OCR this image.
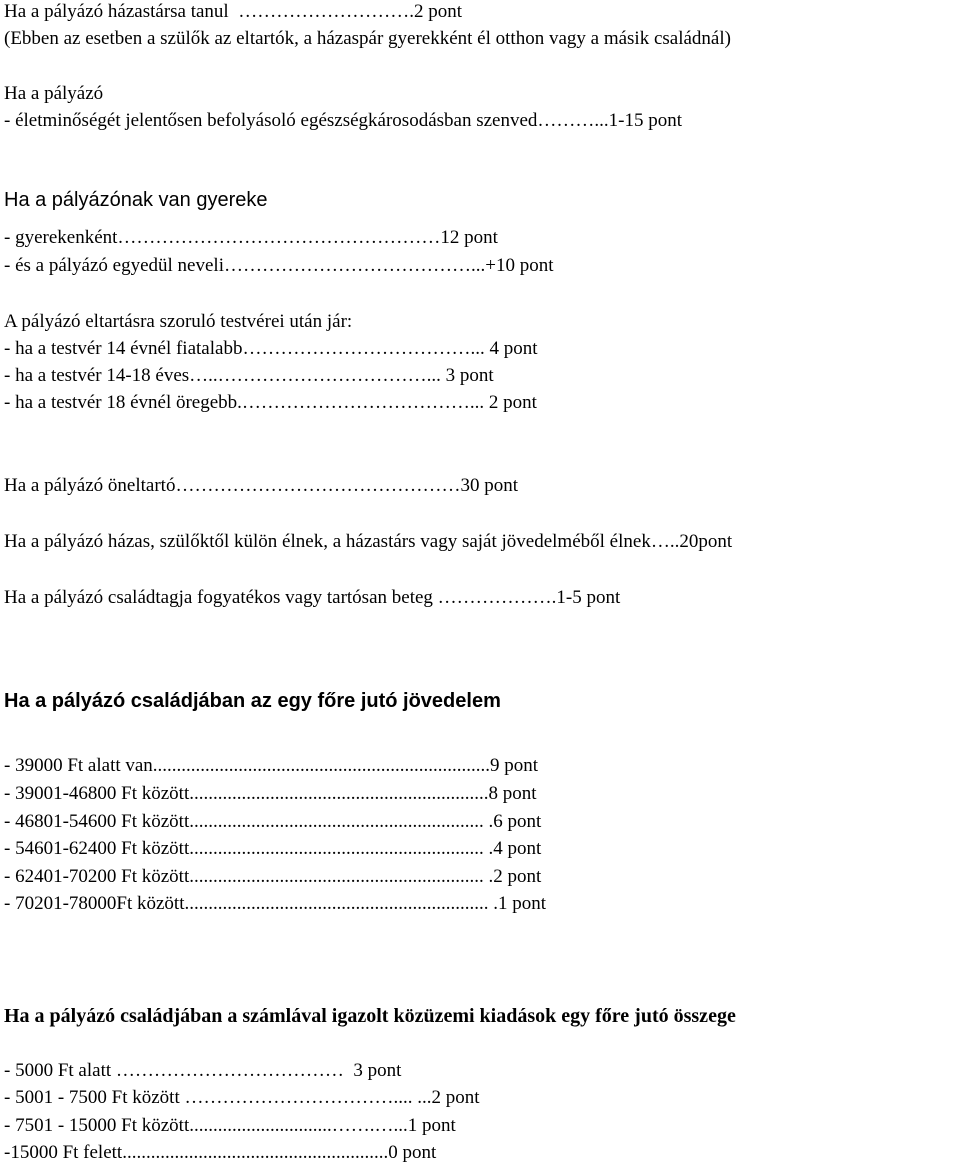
Ha a pályázó házastársa tanul  ……………………….2 pont
(Ebben az esetben a szülők az eltartók, a házaspár gyerekként él otthon vagy a másik családnál)
Ha a pályázó
- életminőségét jelentősen befolyásoló egészségkárosodásban szenved………...1-15 pont
Ha a pályázónak van gyereke
- gyerekenként……………………………………………12 pont
- és a pályázó egyedül neveli…………………………………...+10 pont
A pályázó eltartásra szoruló testvérei után jár:
- ha a testvér 14 évnél fiatalabb………………………………... 4 pont
- ha a testvér 14-18 éves…..……………………………... 3 pont
- ha a testvér 18 évnél öregebb.………………………………... 2 pont
Ha a pályázó öneltartó………………………………………30 pont
Ha a pályázó házas, szülőktől külön élnek, a házastárs vagy saját jövedelméből élnek…..20pont
Ha a pályázó családtagja fogyatékos vagy tartósan beteg ……………….1-5 pont
Ha a pályázó családjában az egy főre jutó jövedelem
- 39000 Ft alatt van.......................................................................9 pont
- 39001-46800 Ft között...............................................................8 pont
- 46801-54600 Ft között.............................................................. .6 pont
- 54601-62400 Ft között.............................................................. .4 pont
- 62401-70200 Ft között.............................................................. .2 pont
- 70201-78000Ft között................................................................ .1 pont
Ha a pályázó családjában a számlával igazolt közüzemi kiadások egy főre jutó összege
- 5000 Ft alatt ………………………………  3 pont
- 5001 - 7500 Ft között …………………………….... ...2 pont
- 7501 - 15000 Ft között..............................…….…...1 pont
-15000 Ft felett........................................................0 pont
